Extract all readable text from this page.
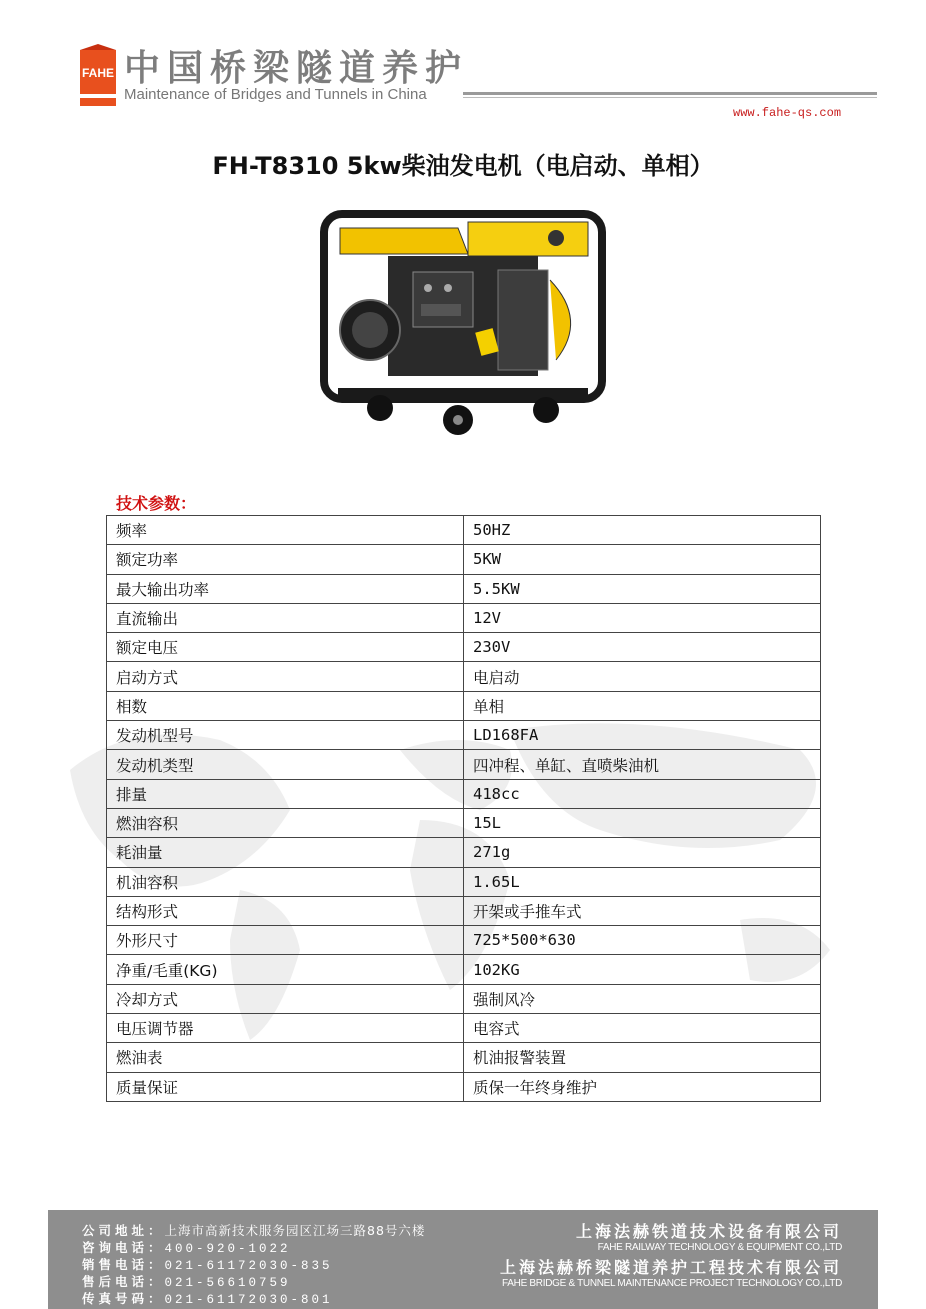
FAHE 中国桥梁隧道养护
Maintenance of Bridges and Tunnels in China
www.fahe-qs.com
FH-T8310 5kw柴油发电机（电启动、单相）
技术参数：
频率	50HZ
额定功率	5KW
最大输出功率	5.5KW
直流输出	12V
额定电压	230V
启动方式	电启动
相数	单相
发动机型号	LD168FA
发动机类型	四冲程、单缸、直喷柴油机
排量	418cc
燃油容积	15L
耗油量	271g
机油容积	1.65L
结构形式	开架或手推车式
外形尺寸	725*500*630
净重/毛重(KG)	102KG
冷却方式	强制风冷
电压调节器	电容式
燃油表	机油报警装置
质量保证	质保一年终身维护
公司地址：上海市高新技术服务园区江场三路88号六楼
咨询电话：400-920-1022
销售电话：021-61172030-835
售后电话：021-56610759
传真号码：021-61172030-801
上海法赫铁道技术设备有限公司
FAHE RAILWAY TECHNOLOGY & EQUIPMENT CO.,LTD
上海法赫桥梁隧道养护工程技术有限公司
FAHE BRIDGE & TUNNEL MAINTENANCE PROJECT TECHNOLOGY CO.,LTD
